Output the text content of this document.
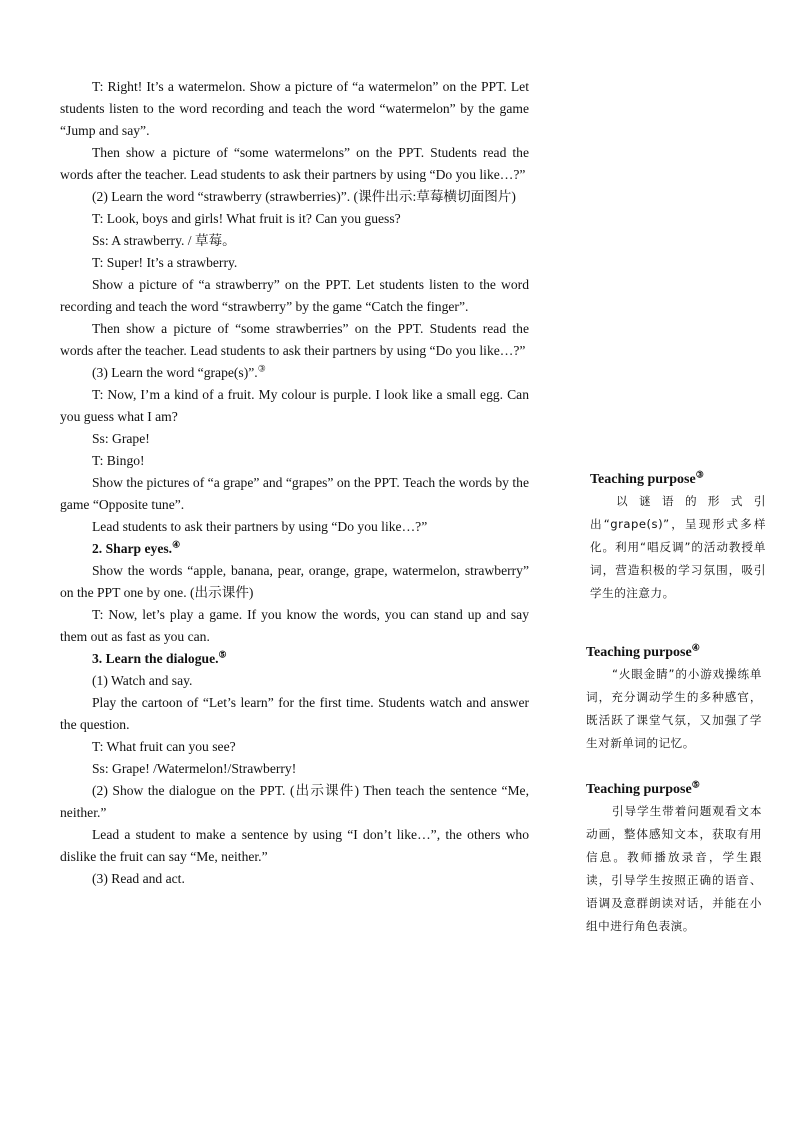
T: Right! It’s a watermelon. Show a picture of “a watermelon” on the PPT. Let students listen to the word recording and teach the word “watermelon” by the game “Jump and say”.

Then show a picture of “some watermelons” on the PPT. Students read the words after the teacher. Lead students to ask their partners by using “Do you like…?”

(2) Learn the word “strawberry (strawberries)”. (课件出示:草莓横切面图片)

T: Look, boys and girls! What fruit is it? Can you guess?

Ss: A strawberry. / 草莓。

T: Super! It’s a strawberry.

Show a picture of “a strawberry” on the PPT. Let students listen to the word recording and teach the word “strawberry” by the game “Catch the finger”.

Then show a picture of “some strawberries” on the PPT. Students read the words after the teacher. Lead students to ask their partners by using “Do you like…?”

(3) Learn the word “grape(s)”.③

T: Now, I’m a kind of a fruit. My colour is purple. I look like a small egg. Can you guess what I am?

Ss: Grape!

T: Bingo!

Show the pictures of “a grape” and “grapes” on the PPT. Teach the words by the game “Opposite tune”.

Lead students to ask their partners by using “Do you like…?”

2. Sharp eyes.④

Show the words “apple, banana, pear, orange, grape, watermelon, strawberry” on the PPT one by one. (出示课件)

T: Now, let’s play a game. If you know the words, you can stand up and say them out as fast as you can.

3. Learn the dialogue.⑤

(1) Watch and say.

Play the cartoon of “Let’s learn” for the first time. Students watch and answer the question.

T: What fruit can you see?

Ss: Grape! /Watermelon!/Strawberry!

(2) Show the dialogue on the PPT. (出示课件) Then teach the sentence “Me, neither.”

Lead a student to make a sentence by using “I don’t like…”, the others who dislike the fruit can say “Me, neither.”

(3) Read and act.

Teaching purpose③

以谜语的形式引出“grape(s)”，呈现形式多样化。利用“唱反调”的活动教授单词，营造积极的学习氛围，吸引学生的注意力。

Teaching purpose④

“火眼金睛”的小游戏操练单词，充分调动学生的多种感官，既活跃了课堂气氛，又加强了学生对新单词的记忆。

Teaching purpose⑤

引导学生带着问题观看文本动画，整体感知文本，获取有用信息。教师播放录音，学生跟读，引导学生按照正确的语音、语调及意群朗读对话，并能在小组中进行角色表演。
